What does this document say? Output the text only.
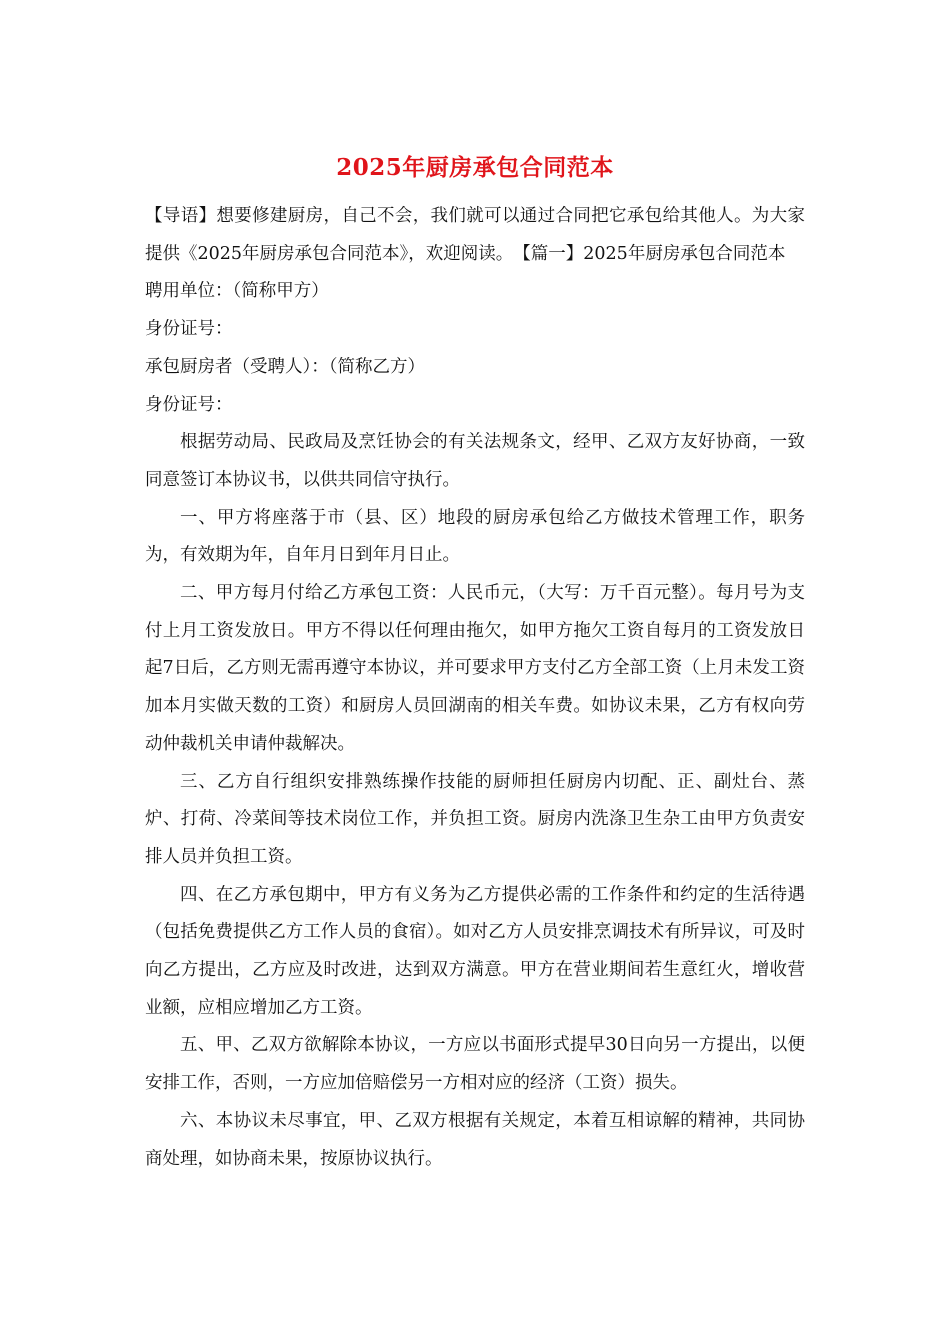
2025年厨房承包合同范本

【导语】想要修建厨房，自己不会，我们就可以通过合同把它承包给其他人。为大家提供《2025年厨房承包合同范本》，欢迎阅读。　【篇一】2025年厨房承包合同范本

聘用单位：（简称甲方）

身份证号：

承包厨房者（受聘人）：（简称乙方）

身份证号：

根据劳动局、民政局及烹饪协会的有关法规条文，经甲、乙双方友好协商，一致同意签订本协议书，以供共同信守执行。

一、甲方将座落于市（县、区）地段的厨房承包给乙方做技术管理工作，职务为，有效期为年，自年月日到年月日止。

二、甲方每月付给乙方承包工资：人民币元，（大写：万千百元整）。每月号为支付上月工资发放日。甲方不得以任何理由拖欠，如甲方拖欠工资自每月的工资发放日起7日后，乙方则无需再遵守本协议，并可要求甲方支付乙方全部工资（上月未发工资加本月实做天数的工资）和厨房人员回湖南的相关车费。如协议未果，乙方有权向劳动仲裁机关申请仲裁解决。

三、乙方自行组织安排熟练操作技能的厨师担任厨房内切配、正、副灶台、蒸炉、打荷、冷菜间等技术岗位工作，并负担工资。厨房内洗涤卫生杂工由甲方负责安排人员并负担工资。

四、在乙方承包期中，甲方有义务为乙方提供必需的工作条件和约定的生活待遇（包括免费提供乙方工作人员的食宿）。如对乙方人员安排烹调技术有所异议，可及时向乙方提出，乙方应及时改进，达到双方满意。甲方在营业期间若生意红火，增收营业额，应相应增加乙方工资。

五、甲、乙双方欲解除本协议，一方应以书面形式提早30日向另一方提出，以便安排工作，否则，一方应加倍赔偿另一方相对应的经济（工资）损失。

六、本协议未尽事宜，甲、乙双方根据有关规定，本着互相谅解的精神，共同协商处理，如协商未果，按原协议执行。
